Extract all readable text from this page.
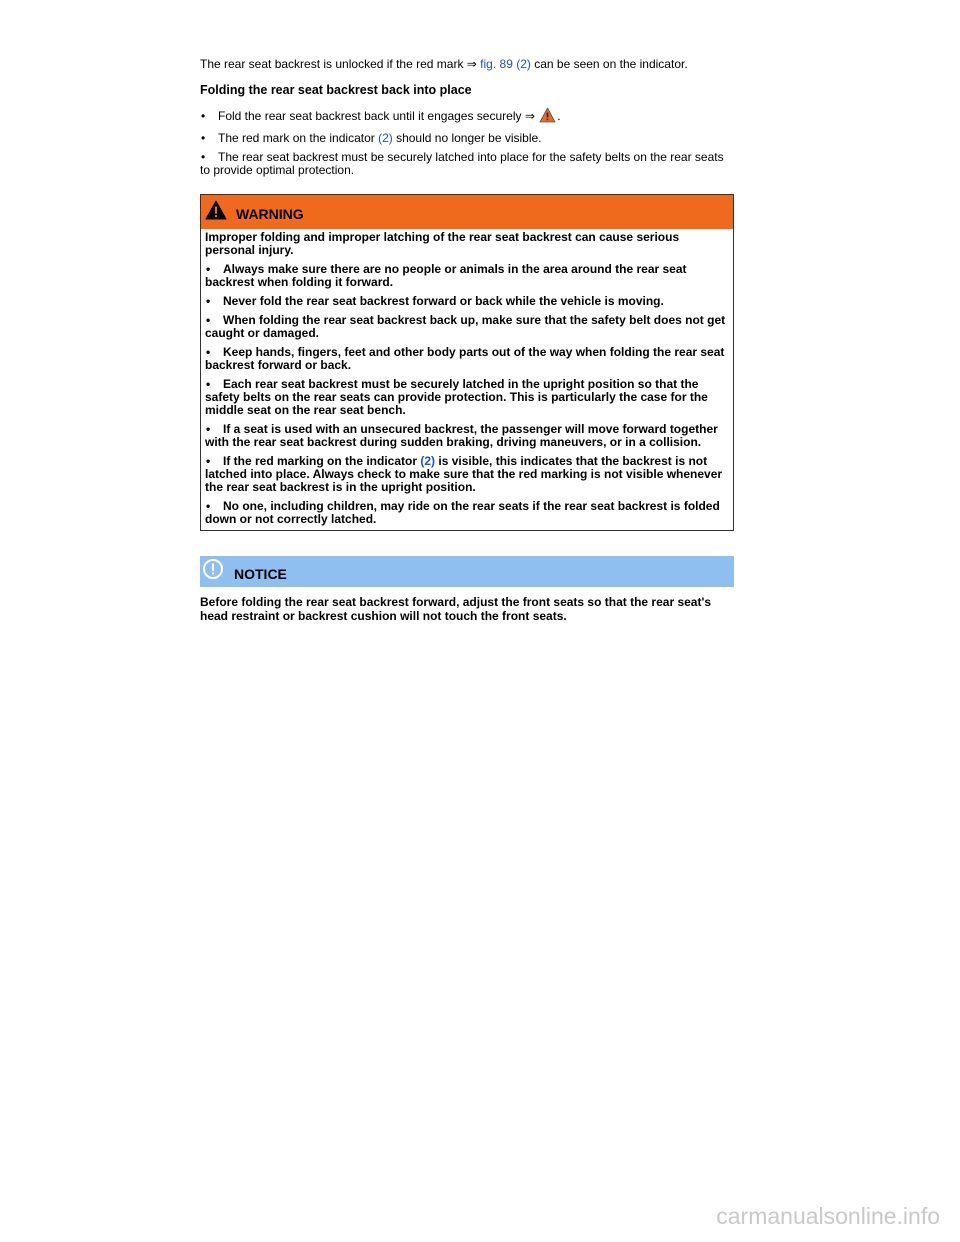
The rear seat backrest is unlocked if the red mark ⇒ fig. 89 (2) can be seen on the indicator.

Folding the rear seat backrest back into place
• Fold the rear seat backrest back until it engages securely ⇒ .
• The red mark on the indicator (2) should no longer be visible.
• The rear seat backrest must be securely latched into place for the safety belts on the rear seats to provide optimal protection.
WARNING

Improper folding and improper latching of the rear seat backrest can cause serious personal injury.

• Always make sure there are no people or animals in the area around the rear seat backrest when folding it forward.

• Never fold the rear seat backrest forward or back while the vehicle is moving.

• When folding the rear seat backrest back up, make sure that the safety belt does not get caught or damaged.

• Keep hands, fingers, feet and other body parts out of the way when folding the rear seat backrest forward or back.

• Each rear seat backrest must be securely latched in the upright position so that the safety belts on the rear seats can provide protection. This is particularly the case for the middle seat on the rear seat bench.

• If a seat is used with an unsecured backrest, the passenger will move forward together with the rear seat backrest during sudden braking, driving maneuvers, or in a collision.

• If the red marking on the indicator (2) is visible, this indicates that the backrest is not latched into place. Always check to make sure that the red marking is not visible whenever the rear seat backrest is in the upright position.

• No one, including children, may ride on the rear seats if the rear seat backrest is folded down or not correctly latched.

NOTICE

Before folding the rear seat backrest forward, adjust the front seats so that the rear seat's head restraint or backrest cushion will not touch the front seats.

carmanualsonline.info
